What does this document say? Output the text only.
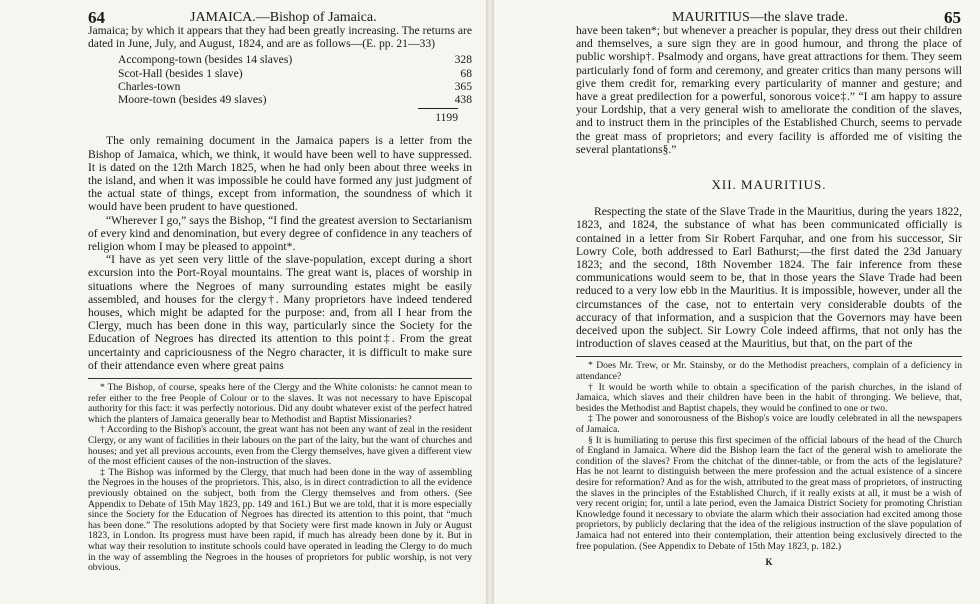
64	JAMAICA.—Bishop of Jamaica.

Jamaica; by which it appears that they had been greatly increasing. The returns are dated in June, July, and August, 1824, and are as follows—(E. pp. 21—33)

Accompong-town (besides 14 slaves)	328
Scot-Hall (besides 1 slave)	68
Charles-town	365
Moore-town (besides 49 slaves)	438
1199

The only remaining document in the Jamaica papers is a letter from the Bishop of Jamaica, which, we think, it would have been well to have suppressed. It is dated on the 12th March 1825, when he had only been about three weeks in the island, and when it was impossible he could have formed any just judgment of the actual state of things, except from information, the soundness of which it would have been prudent to have questioned.

“Wherever I go,” says the Bishop, “I find the greatest aversion to Sectarianism of every kind and denomination, but every degree of confidence in any teachers of religion whom I may be pleased to appoint*.

“I have as yet seen very little of the slave-population, except during a short excursion into the Port-Royal mountains. The great want is, places of worship in situations where the Negroes of many surrounding estates might be easily assembled, and houses for the clergy†. Many proprietors have indeed tendered houses, which might be adapted for the purpose: and, from all I hear from the Clergy, much has been done in this way, particularly since the Society for the Education of Negroes has directed its attention to this point‡. From the great uncertainty and capriciousness of the Negro character, it is difficult to make sure of their attendance even where great pains

* The Bishop, of course, speaks here of the Clergy and the White colonists: he cannot mean to refer either to the free People of Colour or to the slaves. It was not necessary to have Episcopal authority for this fact: it was perfectly notorious. Did any doubt whatever exist of the perfect hatred which the planters of Jamaica generally bear to Methodist and Baptist Missionaries?

† According to the Bishop's account, the great want has not been any want of zeal in the resident Clergy, or any want of facilities in their labours on the part of the laity, but the want of churches and houses; and yet all previous accounts, even from the Clergy themselves, have given a different view of the most efficient causes of the non-instruction of the slaves.

‡ The Bishop was informed by the Clergy, that much had been done in the way of assembling the Negroes in the houses of the proprietors. This, also, is in direct contradiction to all the evidence previously obtained on the subject, both from the Clergy themselves and from others. (See Appendix to Debate of 15th May 1823, pp. 149 and 161.) But we are told, that it is more especially since the Society for the Education of Negroes has directed its attention to this point, that “much has been done.” The resolutions adopted by that Society were first made known in July or August 1823, in London. Its progress must have been rapid, if much has already been done by it. But in what way their resolution to institute schools could have operated in leading the Clergy to do much in the way of assembling the Negroes in the houses of proprietors for public worship, is not very obvious.

MAURITIUS—the slave trade.	65

have been taken*; but whenever a preacher is popular, they dress out their children and themselves, a sure sign they are in good humour, and throng the place of public worship†. Psalmody and organs, have great attractions for them. They seem particularly fond of form and ceremony, and greater critics than many persons will give them credit for, remarking every particularity of manner and gesture; and have a great predilection for a powerful, sonorous voice‡.” “I am happy to assure your Lordship, that a very general wish to ameliorate the condition of the slaves, and to instruct them in the principles of the Established Church, seems to pervade the great mass of proprietors; and every facility is afforded me of visiting the several plantations§.”

XII. MAURITIUS.

Respecting the state of the Slave Trade in the Mauritius, during the years 1822, 1823, and 1824, the substance of what has been communicated officially is contained in a letter from Sir Robert Farquhar, and one from his successor, Sir Lowry Cole, both addressed to Earl Bathurst;—the first dated the 23d January 1823; and the second, 18th November 1824. The fair inference from these communications would seem to be, that in those years the Slave Trade had been reduced to a very low ebb in the Mauritius. It is impossible, however, under all the circumstances of the case, not to entertain very considerable doubts of the accuracy of that information, and a suspicion that the Governors may have been deceived upon the subject. Sir Lowry Cole indeed affirms, that not only has the introduction of slaves ceased at the Mauritius, but that, on the part of the

* Does Mr. Trew, or Mr. Stainsby, or do the Methodist preachers, complain of a deficiency in attendance?

† It would be worth while to obtain a specification of the parish churches, in the island of Jamaica, which slaves and their children have been in the habit of thronging. We believe, that, besides the Methodist and Baptist chapels, they would be confined to one or two.

‡ The power and sonorousness of the Bishop's voice are loudly celebrated in all the newspapers of Jamaica.

§ It is humiliating to peruse this first specimen of the official labours of the head of the Church of England in Jamaica. Where did the Bishop learn the fact of the general wish to ameliorate the condition of the slaves? From the chitchat of the dinner-table, or from the acts of the legislature? Has he not learnt to distinguish between the mere profession and the actual existence of a sincere desire for reformation? And as for the wish, attributed to the great mass of proprietors, of instructing the slaves in the principles of the Established Church, if it really exists at all, it must be a wish of very recent origin; for, until a late period, even the Jamaica District Society for promoting Christian Knowledge found it necessary to obviate the alarm which their association had excited among those proprietors, by publicly declaring that the idea of the religious instruction of the slave population of Jamaica had not entered into their contemplation, their attention being exclusively directed to the free population. (See Appendix to Debate of 15th May 1823, p. 182.)

K
